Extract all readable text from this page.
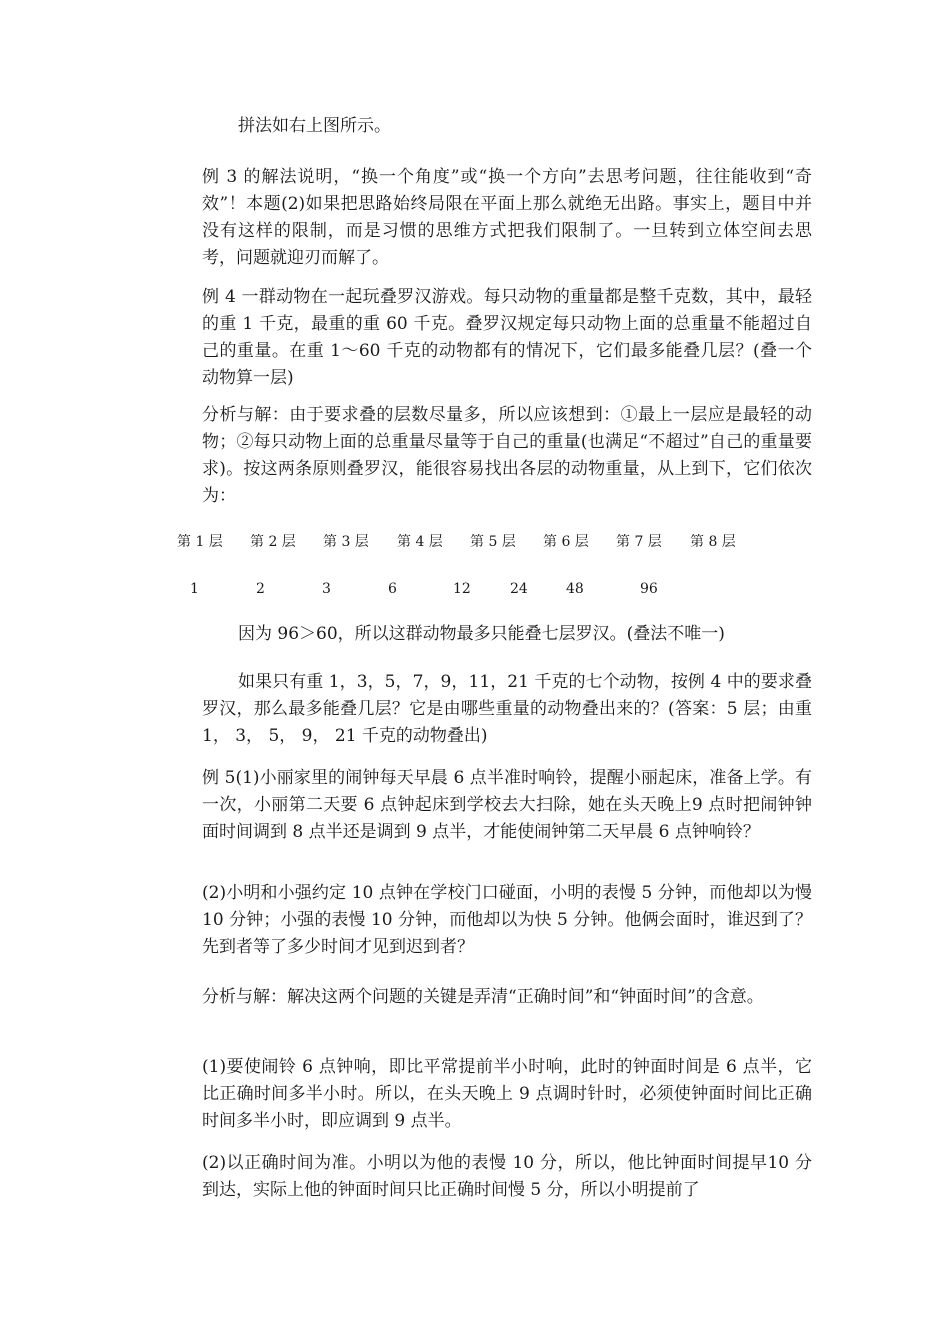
拼法如右上图所示。

例 3 的解法说明，“换一个角度”或“换一个方向”去思考问题，往往能收到“奇效”！本题(2)如果把思路始终局限在平面上那么就绝无出路。事实上，题目中并没有这样的限制，而是习惯的思维方式把我们限制了。一旦转到立体空间去思考，问题就迎刃而解了。

例 4 一群动物在一起玩叠罗汉游戏。每只动物的重量都是整千克数，其中，最轻的重 1 千克，最重的重 60 千克。叠罗汉规定每只动物上面的总重量不能超过自己的重量。在重 1～60 千克的动物都有的情况下，它们最多能叠几层？(叠一个动物算一层)

分析与解：由于要求叠的层数尽量多，所以应该想到：①最上一层应是最轻的动物；②每只动物上面的总重量尽量等于自己的重量(也满足“不超过”自己的重量要求)。按这两条原则叠罗汉，能很容易找出各层的动物重量，从上到下，它们依次为：

第 1 层 第 2 层 第 3 层 第 4 层 第 5 层 第 6 层 第 7 层 第 8 层
1	2	3	6	12	24	48	96

因为 96＞60，所以这群动物最多只能叠七层罗汉。(叠法不唯一)

如果只有重 1，3，5，7，9，11，21 千克的七个动物，按例 4 中的要求叠罗汉，那么最多能叠几层？它是由哪些重量的动物叠出来的？(答案：5 层；由重 1， 3， 5， 9， 21 千克的动物叠出)

例 5(1)小丽家里的闹钟每天早晨 6 点半准时响铃，提醒小丽起床，准备上学。有一次，小丽第二天要 6 点钟起床到学校去大扫除，她在头天晚上9 点时把闹钟钟面时间调到 8 点半还是调到 9 点半，才能使闹钟第二天早晨 6 点钟响铃？

(2)小明和小强约定 10 点钟在学校门口碰面，小明的表慢 5 分钟，而他却以为慢 10 分钟；小强的表慢 10 分钟，而他却以为快 5 分钟。他俩会面时，谁迟到了？先到者等了多少时间才见到迟到者？

分析与解：解决这两个问题的关键是弄清“正确时间”和“钟面时间”的含意。

(1)要使闹铃 6 点钟响，即比平常提前半小时响，此时的钟面时间是 6 点半，它比正确时间多半小时。所以，在头天晚上 9 点调时针时，必须使钟面时间比正确时间多半小时，即应调到 9 点半。

(2)以正确时间为准。小明以为他的表慢 10 分，所以，他比钟面时间提早10 分到达，实际上他的钟面时间只比正确时间慢 5 分，所以小明提前了
